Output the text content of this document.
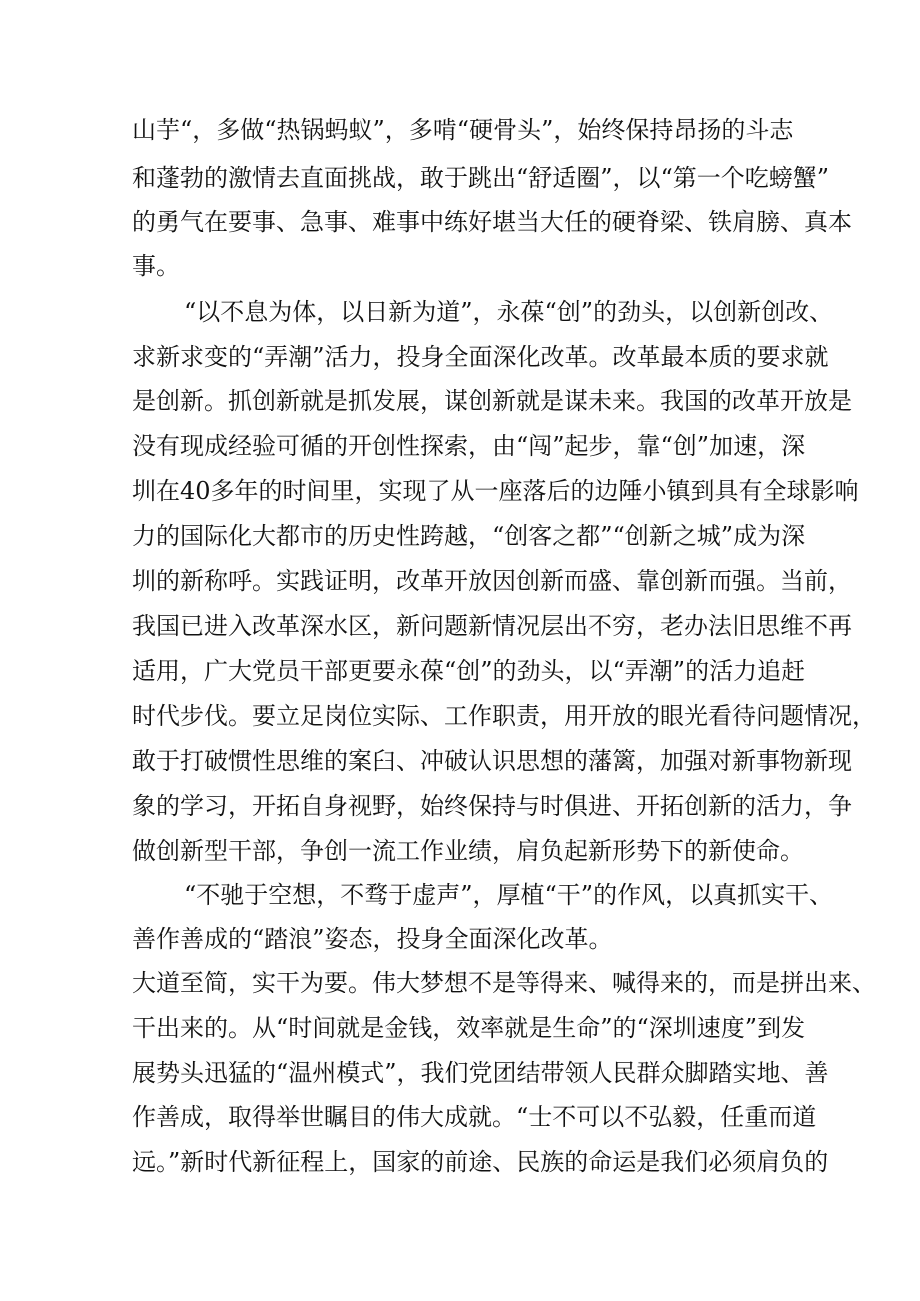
山芋“，多做“热锅蚂蚁”，多啃“硬骨头”，始终保持昂扬的斗志
和蓬勃的激情去直面挑战，敢于跳出“舒适圈”，以“第一个吃螃蟹”
的勇气在要事、急事、难事中练好堪当大任的硬脊梁、铁肩膀、真本
事。
“以不息为体，以日新为道”，永葆“创”的劲头，以创新创改、
求新求变的“弄潮”活力，投身全面深化改革。改革最本质的要求就
是创新。抓创新就是抓发展，谋创新就是谋未来。我国的改革开放是
没有现成经验可循的开创性探索，由“闯”起步，靠“创”加速，深
圳在40多年的时间里，实现了从一座落后的边陲小镇到具有全球影响
力的国际化大都市的历史性跨越，“创客之都”“创新之城”成为深
圳的新称呼。实践证明，改革开放因创新而盛、靠创新而强。当前，
我国已进入改革深水区，新问题新情况层出不穷，老办法旧思维不再
适用，广大党员干部更要永葆“创”的劲头，以“弄潮”的活力追赶
时代步伐。要立足岗位实际、工作职责，用开放的眼光看待问题情况，
敢于打破惯性思维的案臼、冲破认识思想的藩篱，加强对新事物新现
象的学习，开拓自身视野，始终保持与时俱进、开拓创新的活力，争
做创新型干部，争创一流工作业绩，肩负起新形势下的新使命。
“不驰于空想，不骛于虚声”，厚植“干”的作风，以真抓实干、
善作善成的“踏浪”姿态，投身全面深化改革。
大道至简，实干为要。伟大梦想不是等得来、喊得来的，而是拼出来、
干出来的。从“时间就是金钱，效率就是生命”的“深圳速度”到发
展势头迅猛的“温州模式”，我们党团结带领人民群众脚踏实地、善
作善成，取得举世瞩目的伟大成就。“士不可以不弘毅，任重而道
远。”新时代新征程上，国家的前途、民族的命运是我们必须肩负的
